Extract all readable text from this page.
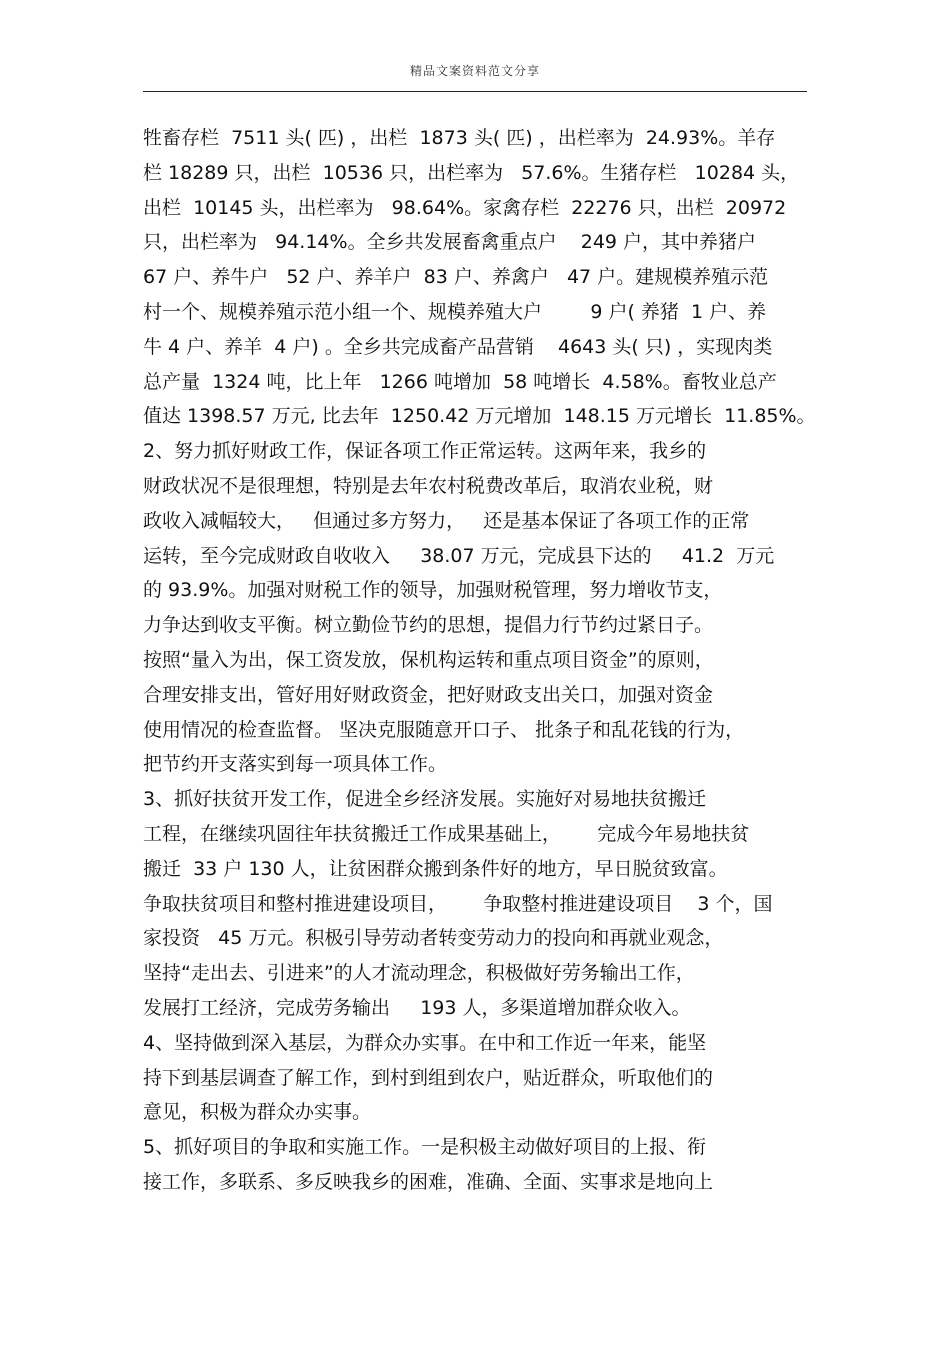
精品文案资料范文分享
牲畜存栏  7511 头( 匹) ，出栏  1873 头( 匹) ，出栏率为  24.93%。羊存
栏 18289 只，出栏  10536 只，出栏率为   57.6%。生猪存栏   10284 头，
出栏  10145 头，出栏率为   98.64%。家禽存栏  22276 只，出栏  20972
只，出栏率为   94.14%。全乡共发展畜禽重点户    249 户，其中养猪户
67 户、养牛户   52 户、养羊户  83 户、养禽户   47 户。建规模养殖示范
村一个、规模养殖示范小组一个、规模养殖大户        9 户( 养猪  1 户、养
牛 4 户、养羊  4 户) 。全乡共完成畜产品营销    4643 头( 只) ，实现肉类
总产量  1324 吨，比上年   1266 吨增加  58 吨增长  4.58%。畜牧业总产
值达 1398.57 万元, 比去年  1250.42 万元增加  148.15 万元增长  11.85%。
2、努力抓好财政工作，保证各项工作正常运转。这两年来，我乡的
财政状况不是很理想，特别是去年农村税费改革后，取消农业税，财
政收入减幅较大，   但通过多方努力，   还是基本保证了各项工作的正常
运转，至今完成财政自收收入     38.07 万元，完成县下达的     41.2  万元
的 93.9%。加强对财税工作的领导，加强财税管理，努力增收节支，
力争达到收支平衡。树立勤俭节约的思想，提倡力行节约过紧日子。
按照“量入为出，保工资发放，保机构运转和重点项目资金”的原则，
合理安排支出，管好用好财政资金，把好财政支出关口，加强对资金
使用情况的检查监督。 坚决克服随意开口子、 批条子和乱花钱的行为，
把节约开支落实到每一项具体工作。
3、抓好扶贫开发工作，促进全乡经济发展。实施好对易地扶贫搬迁
工程，在继续巩固往年扶贫搬迁工作成果基础上，      完成今年易地扶贫
搬迁  33 户 130 人，让贫困群众搬到条件好的地方，早日脱贫致富。
争取扶贫项目和整村推进建设项目，      争取整村推进建设项目    3 个，国
家投资   45 万元。积极引导劳动者转变劳动力的投向和再就业观念，
坚持“走出去、引进来”的人才流动理念，积极做好劳务输出工作，
发展打工经济，完成劳务输出     193 人，多渠道增加群众收入。
4、坚持做到深入基层，为群众办实事。在中和工作近一年来，能坚
持下到基层调查了解工作，到村到组到农户，贴近群众，听取他们的
意见，积极为群众办实事。
5、抓好项目的争取和实施工作。一是积极主动做好项目的上报、衔
接工作，多联系、多反映我乡的困难，准确、全面、实事求是地向上
